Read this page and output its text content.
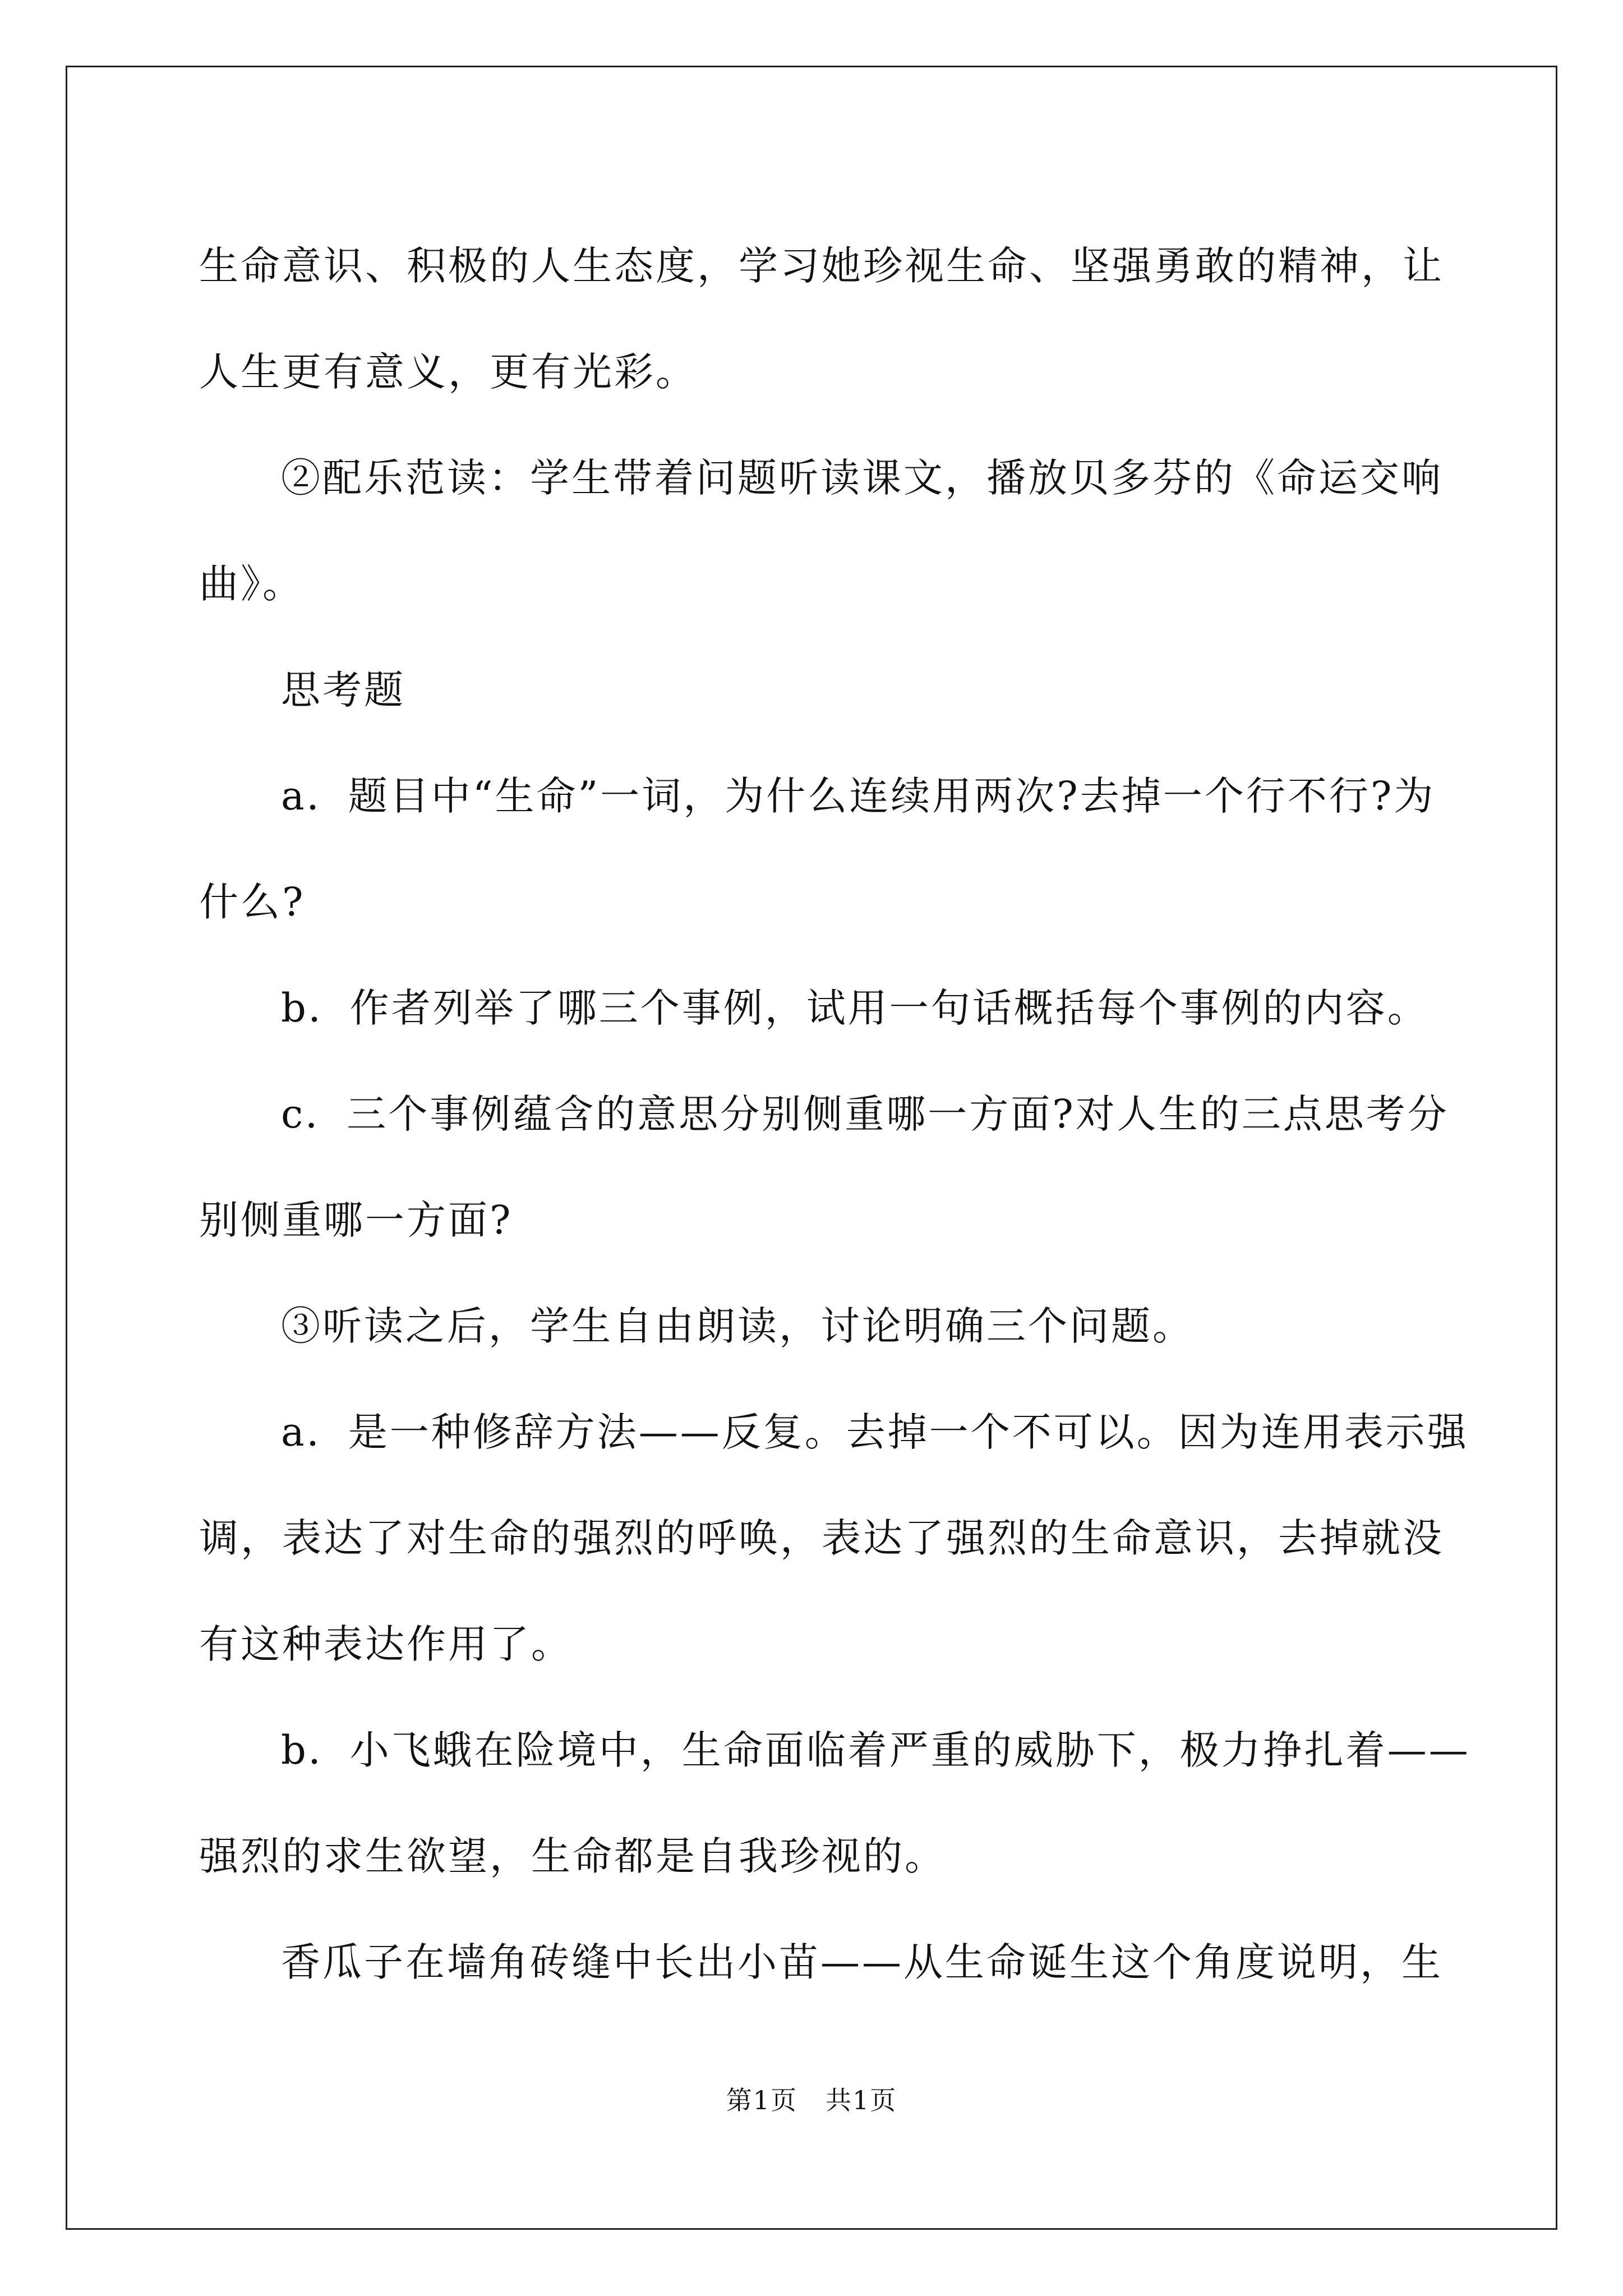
生命意识、积极的人生态度，学习她珍视生命、坚强勇敢的精神，让
人生更有意义，更有光彩。
②配乐范读：学生带着问题听读课文，播放贝多芬的《命运交响
曲》。
思考题
a．题目中“生命”一词，为什么连续用两次?去掉一个行不行?为
什么?
b．作者列举了哪三个事例，试用一句话概括每个事例的内容。
c．三个事例蕴含的意思分别侧重哪一方面?对人生的三点思考分
别侧重哪一方面?
③听读之后，学生自由朗读，讨论明确三个问题。
a．是一种修辞方法——反复。去掉一个不可以。因为连用表示强
调，表达了对生命的强烈的呼唤，表达了强烈的生命意识，去掉就没
有这种表达作用了。
b．小飞蛾在险境中，生命面临着严重的威胁下，极力挣扎着——
强烈的求生欲望，生命都是自我珍视的。
香瓜子在墙角砖缝中长出小苗——从生命诞生这个角度说明，生
第1页 共1页
